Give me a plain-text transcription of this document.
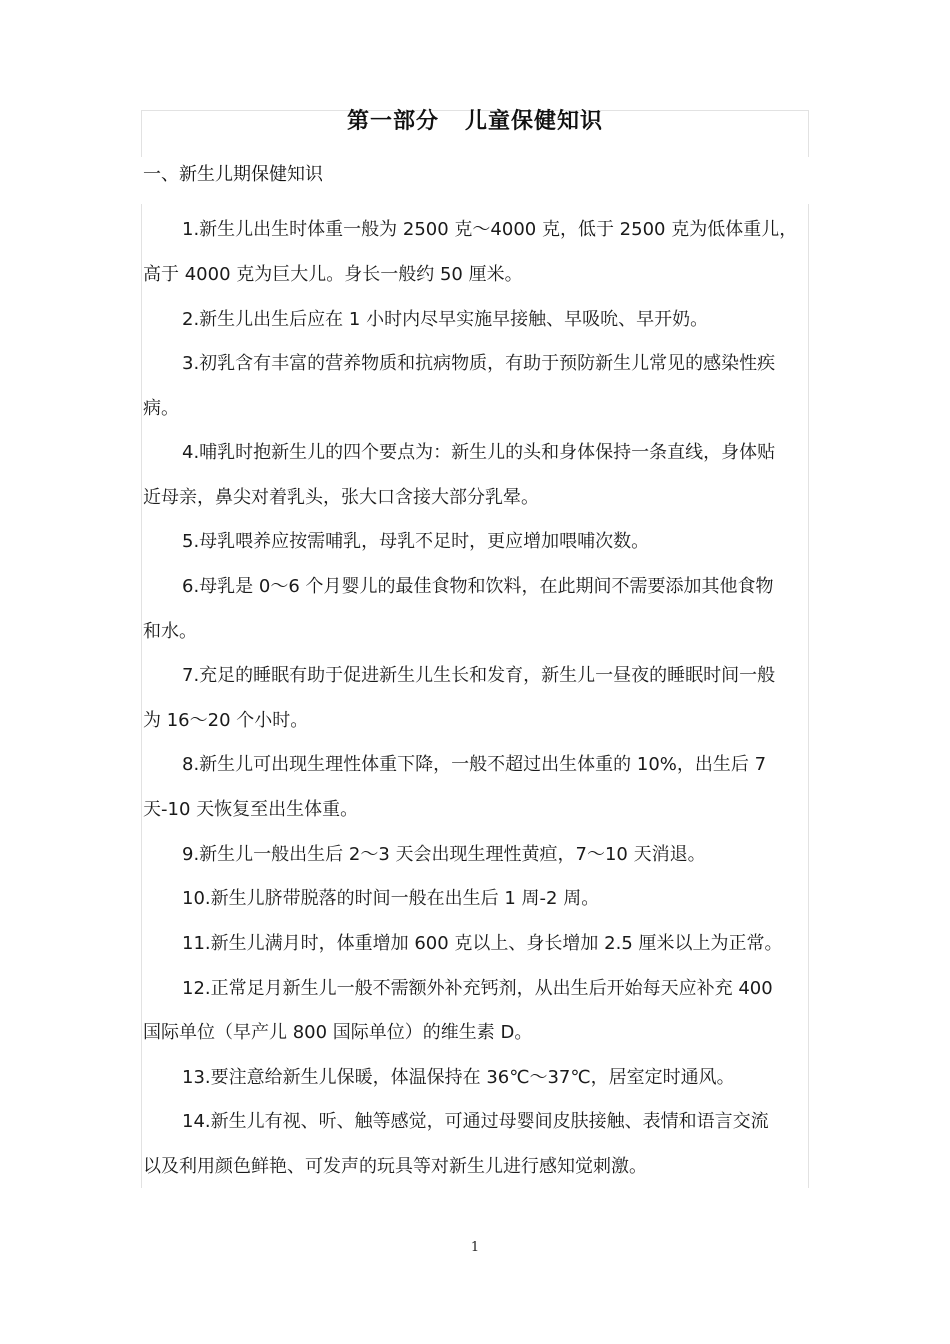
第一部分 儿童保健知识
一、新生儿期保健知识
1.新生儿出生时体重一般为 2500 克～4000 克，低于 2500 克为低体重儿，
高于 4000 克为巨大儿。身长一般约 50 厘米。
2.新生儿出生后应在 1 小时内尽早实施早接触、早吸吮、早开奶。
3.初乳含有丰富的营养物质和抗病物质，有助于预防新生儿常见的感染性疾
病。
4.哺乳时抱新生儿的四个要点为：新生儿的头和身体保持一条直线，身体贴
近母亲，鼻尖对着乳头，张大口含接大部分乳晕。
5.母乳喂养应按需哺乳，母乳不足时，更应增加喂哺次数。
6.母乳是 0～6 个月婴儿的最佳食物和饮料，在此期间不需要添加其他食物
和水。
7.充足的睡眠有助于促进新生儿生长和发育，新生儿一昼夜的睡眠时间一般
为 16～20 个小时。
8.新生儿可出现生理性体重下降，一般不超过出生体重的 10%，出生后 7
天-10 天恢复至出生体重。
9.新生儿一般出生后 2～3 天会出现生理性黄疸，7～10 天消退。
10.新生儿脐带脱落的时间一般在出生后 1 周-2 周。
11.新生儿满月时，体重增加 600 克以上、身长增加 2.5 厘米以上为正常。
12.正常足月新生儿一般不需额外补充钙剂，从出生后开始每天应补充 400
国际单位（早产儿 800 国际单位）的维生素 D。
13.要注意给新生儿保暖，体温保持在 36℃～37℃，居室定时通风。
14.新生儿有视、听、触等感觉，可通过母婴间皮肤接触、表情和语言交流
以及利用颜色鲜艳、可发声的玩具等对新生儿进行感知觉刺激。
1
